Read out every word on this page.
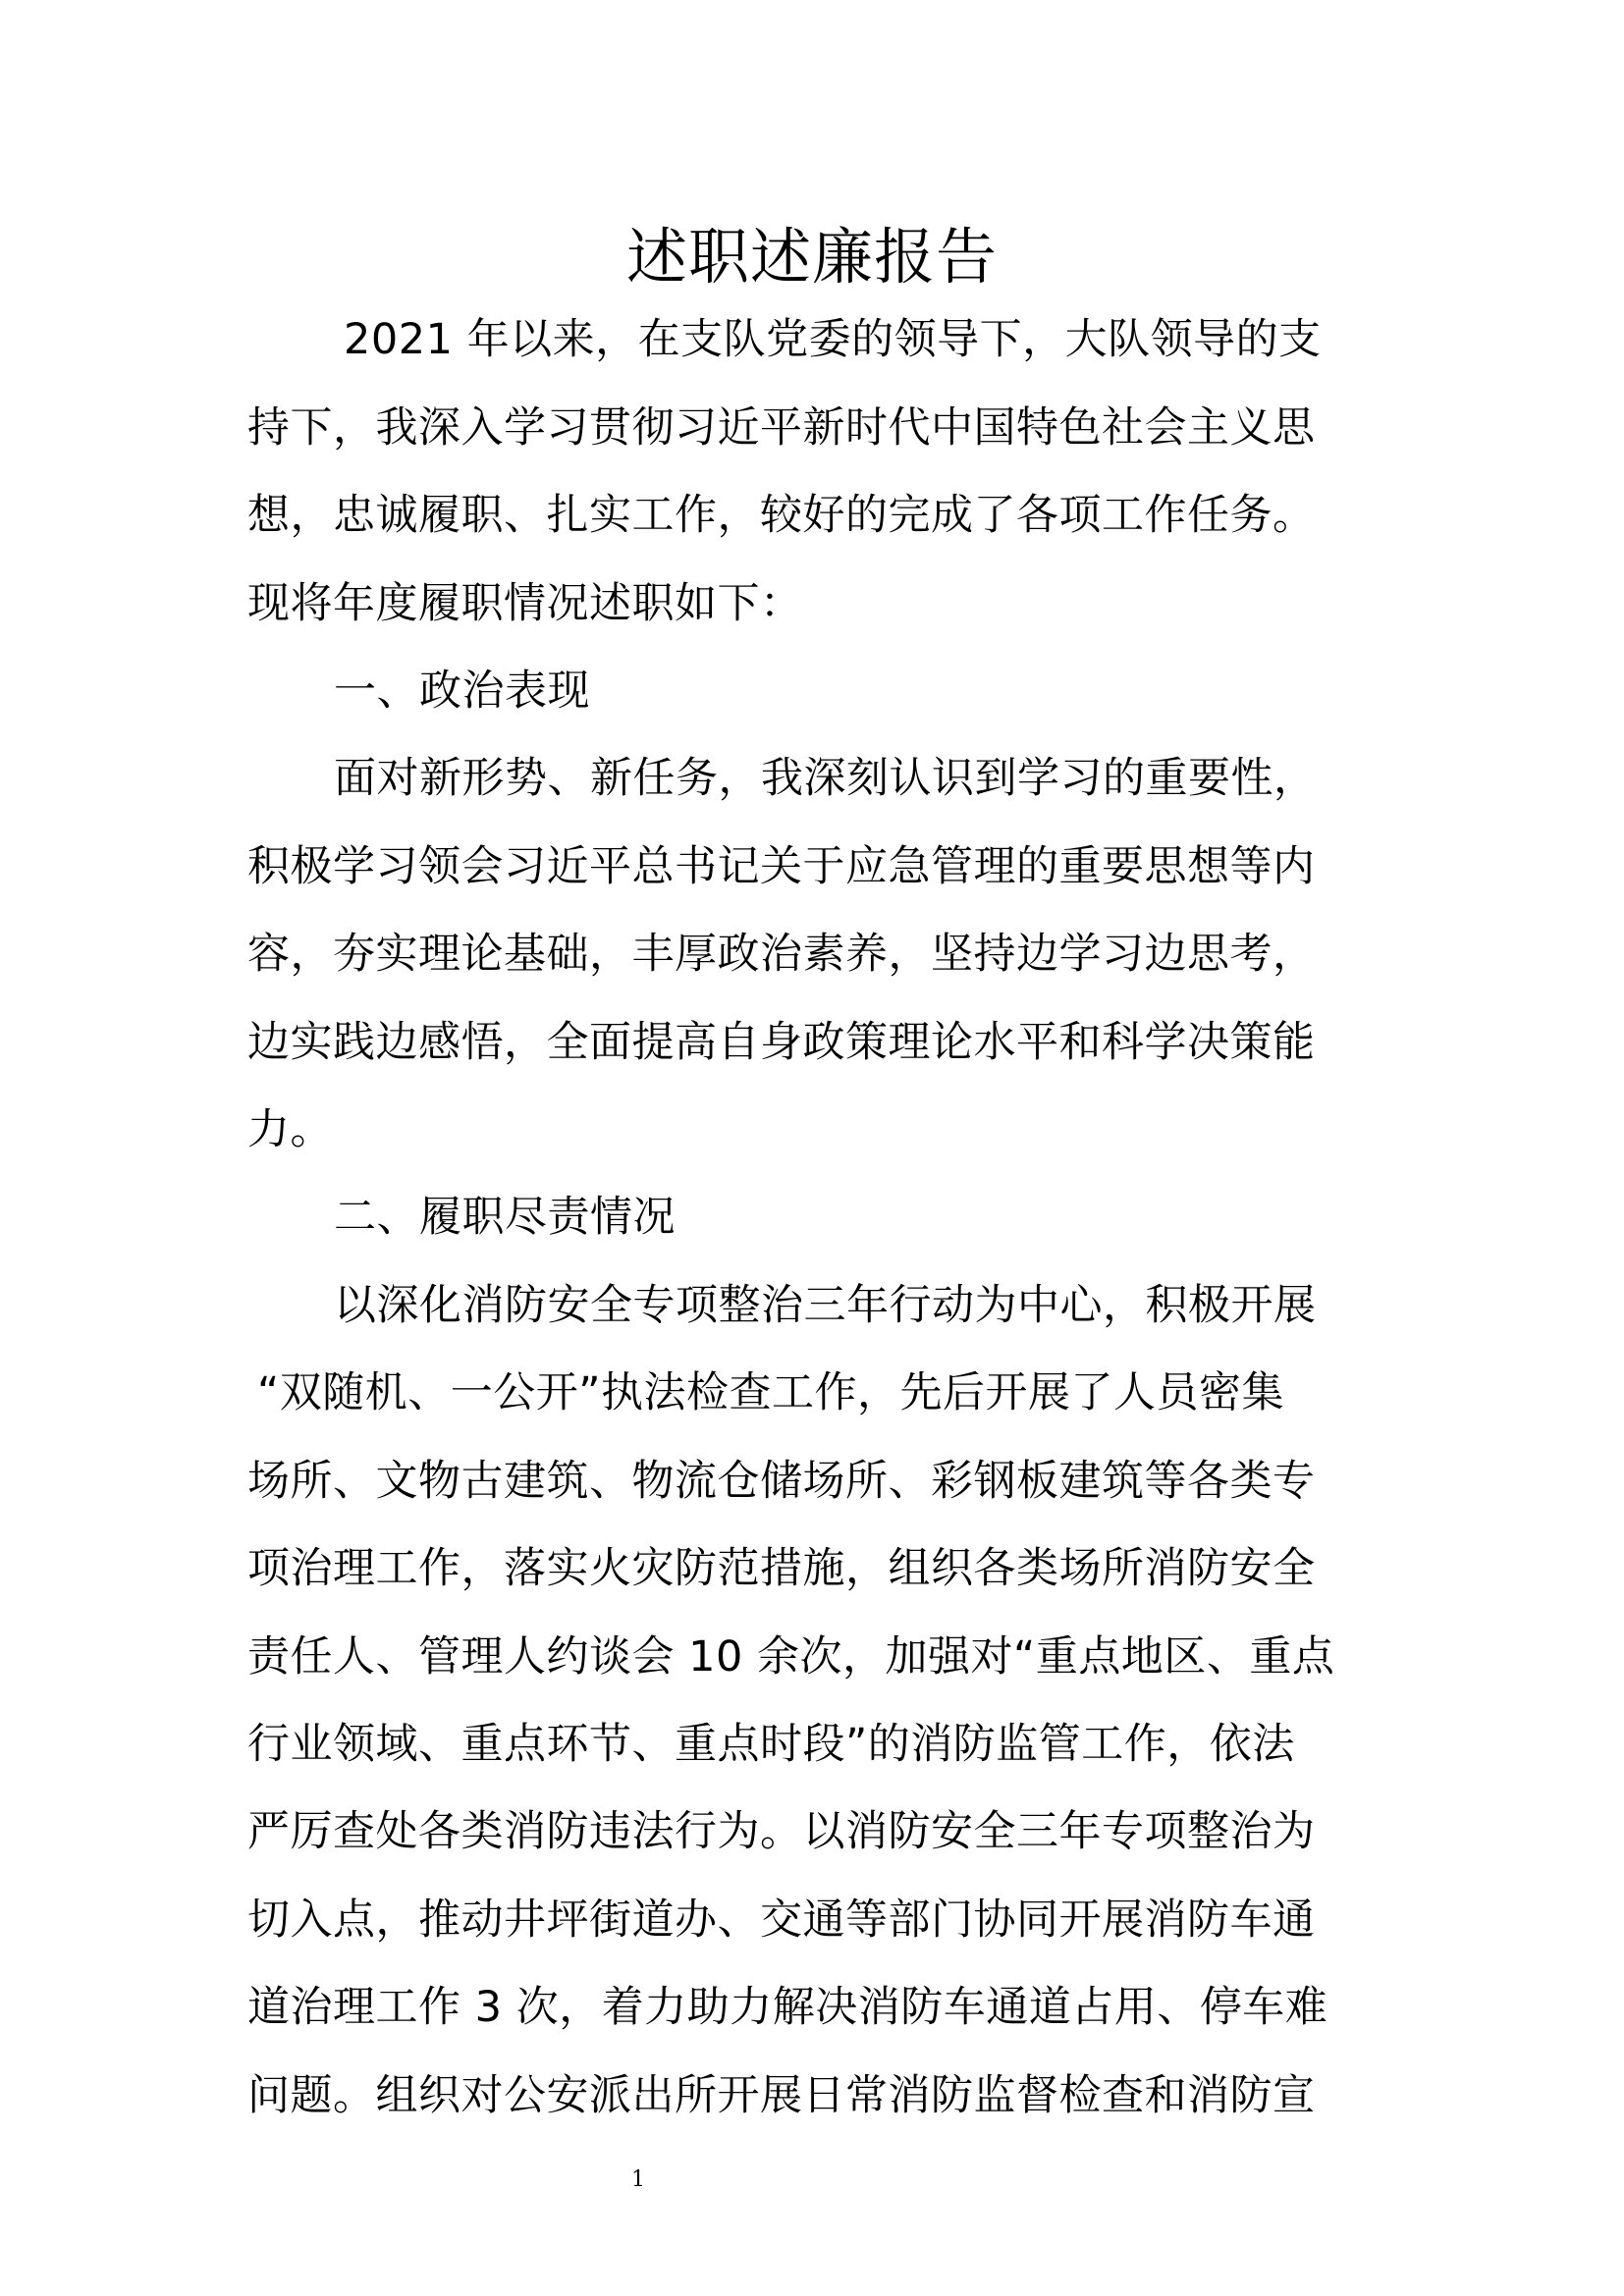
述职述廉报告
2021 年以来，在支队党委的领导下，大队领导的支
持下，我深入学习贯彻习近平新时代中国特色社会主义思
想，忠诚履职、扎实工作，较好的完成了各项工作任务。
现将年度履职情况述职如下：
一、政治表现
面对新形势、新任务，我深刻认识到学习的重要性，
积极学习领会习近平总书记关于应急管理的重要思想等内
容，夯实理论基础，丰厚政治素养，坚持边学习边思考，
边实践边感悟，全面提高自身政策理论水平和科学决策能
力。
二、履职尽责情况
以深化消防安全专项整治三年行动为中心，积极开展
“双随机、一公开”执法检查工作，先后开展了人员密集
场所、文物古建筑、物流仓储场所、彩钢板建筑等各类专
项治理工作，落实火灾防范措施，组织各类场所消防安全
责任人、管理人约谈会 10 余次，加强对“重点地区、重点
行业领域、重点环节、重点时段”的消防监管工作，依法
严厉查处各类消防违法行为。以消防安全三年专项整治为
切入点，推动井坪街道办、交通等部门协同开展消防车通
道治理工作 3 次，着力助力解决消防车通道占用、停车难
问题。组织对公安派出所开展日常消防监督检查和消防宣
1
